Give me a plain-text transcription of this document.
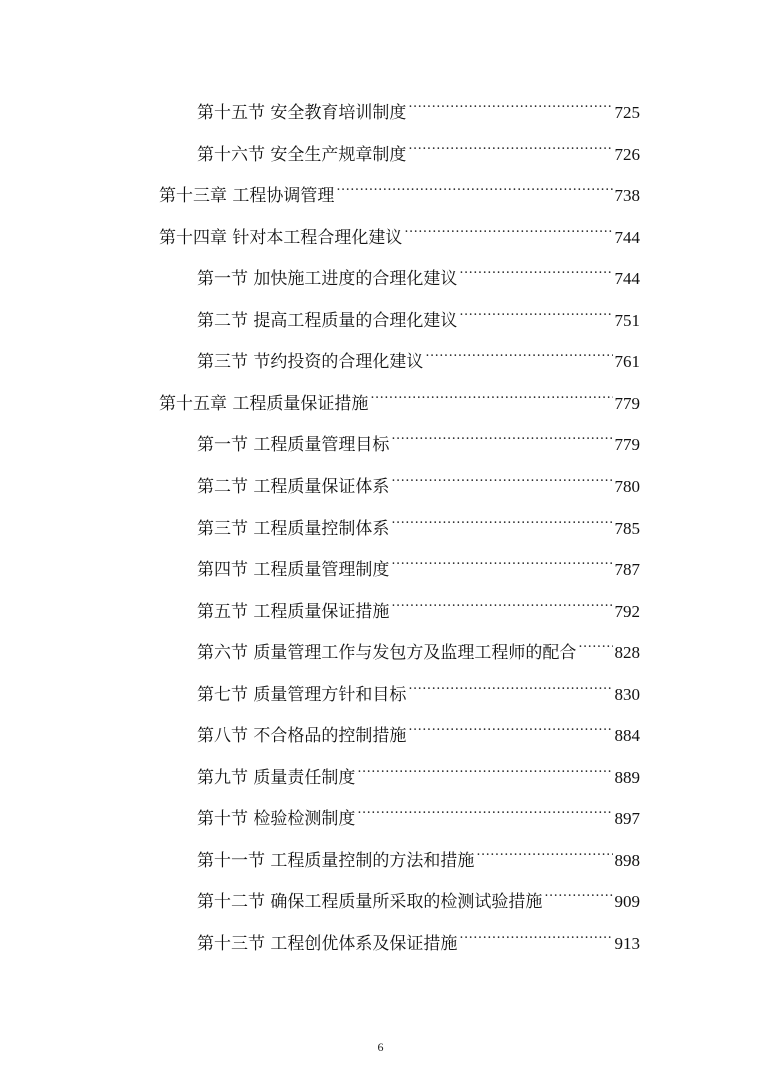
第十五节 安全教育培训制度 .....	725
第十六节 安全生产规章制度 .....	726
第十三章 工程协调管理 .....	738
第十四章 针对本工程合理化建议 .....	744
第一节 加快施工进度的合理化建议 .....	744
第二节 提高工程质量的合理化建议 .....	751
第三节 节约投资的合理化建议 .....	761
第十五章 工程质量保证措施 .....	779
第一节 工程质量管理目标 .....	779
第二节 工程质量保证体系 .....	780
第三节 工程质量控制体系 .....	785
第四节 工程质量管理制度 .....	787
第五节 工程质量保证措施 .....	792
第六节 质量管理工作与发包方及监理工程师的配合 ..... 828
第七节 质量管理方针和目标 .....	830
第八节 不合格品的控制措施 .....	884
第九节 质量责任制度 .....	889
第十节 检验检测制度 .....	897
第十一节 工程质量控制的方法和措施 .....	898
第十二节 确保工程质量所采取的检测试验措施 .....	909
第十三节 工程创优体系及保证措施 .....	913
6
